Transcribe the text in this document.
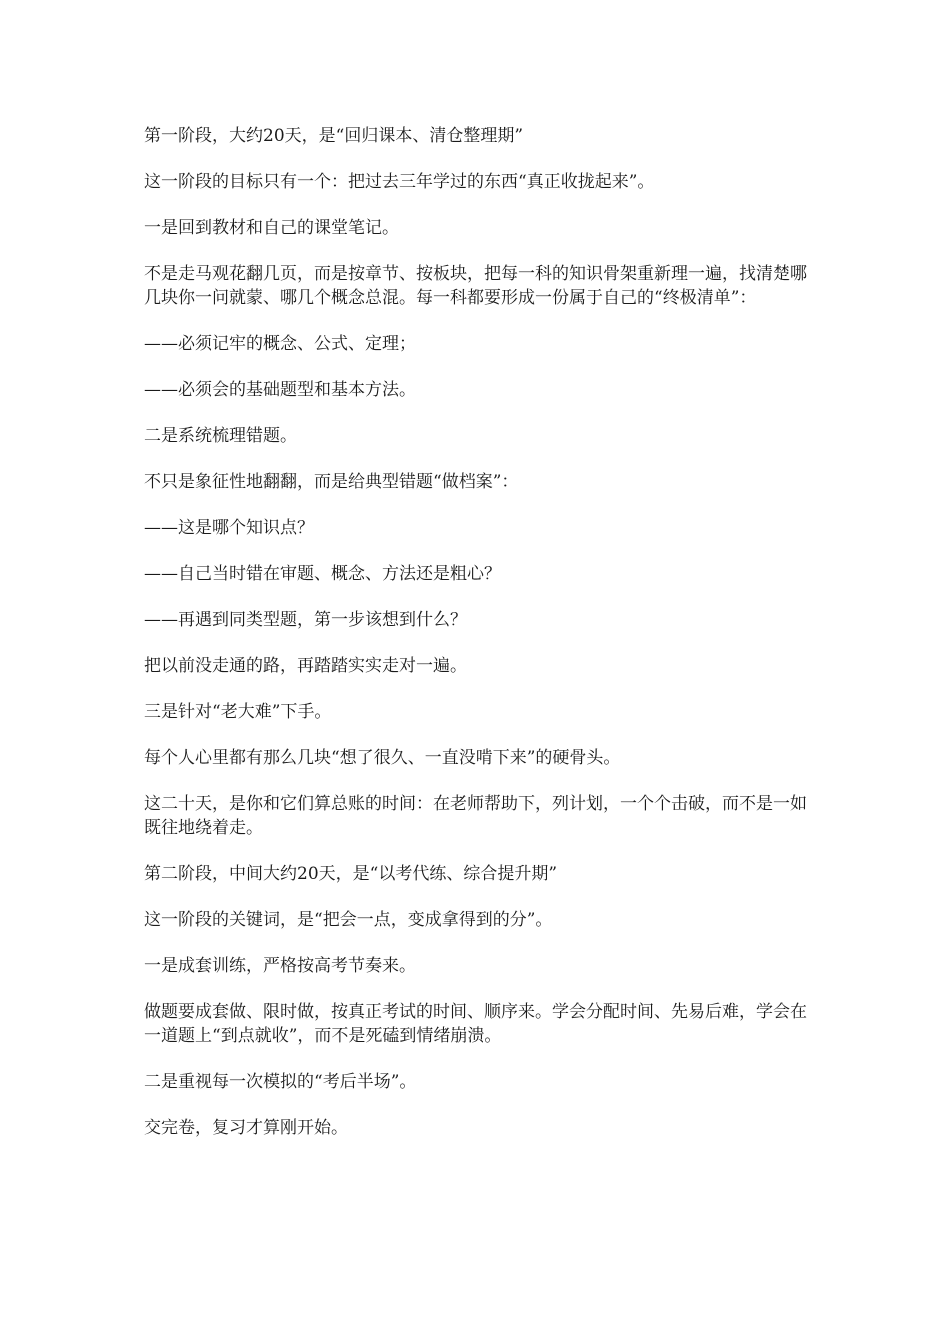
第一阶段，大约20天，是“回归课本、清仓整理期”

这一阶段的目标只有一个：把过去三年学过的东西“真正收拢起来”。

一是回到教材和自己的课堂笔记。

不是走马观花翻几页，而是按章节、按板块，把每一科的知识骨架重新理一遍，找清楚哪几块你一问就蒙、哪几个概念总混。每一科都要形成一份属于自己的“终极清单”：

——必须记牢的概念、公式、定理；

——必须会的基础题型和基本方法。

二是系统梳理错题。

不只是象征性地翻翻，而是给典型错题“做档案”：

——这是哪个知识点？

——自己当时错在审题、概念、方法还是粗心？

——再遇到同类型题，第一步该想到什么？

把以前没走通的路，再踏踏实实走对一遍。

三是针对“老大难”下手。

每个人心里都有那么几块“想了很久、一直没啃下来”的硬骨头。

这二十天，是你和它们算总账的时间：在老师帮助下，列计划，一个个击破，而不是一如既往地绕着走。

第二阶段，中间大约20天，是“以考代练、综合提升期”

这一阶段的关键词，是“把会一点，变成拿得到的分”。

一是成套训练，严格按高考节奏来。

做题要成套做、限时做，按真正考试的时间、顺序来。学会分配时间、先易后难，学会在一道题上“到点就收”，而不是死磕到情绪崩溃。

二是重视每一次模拟的“考后半场”。

交完卷，复习才算刚开始。
